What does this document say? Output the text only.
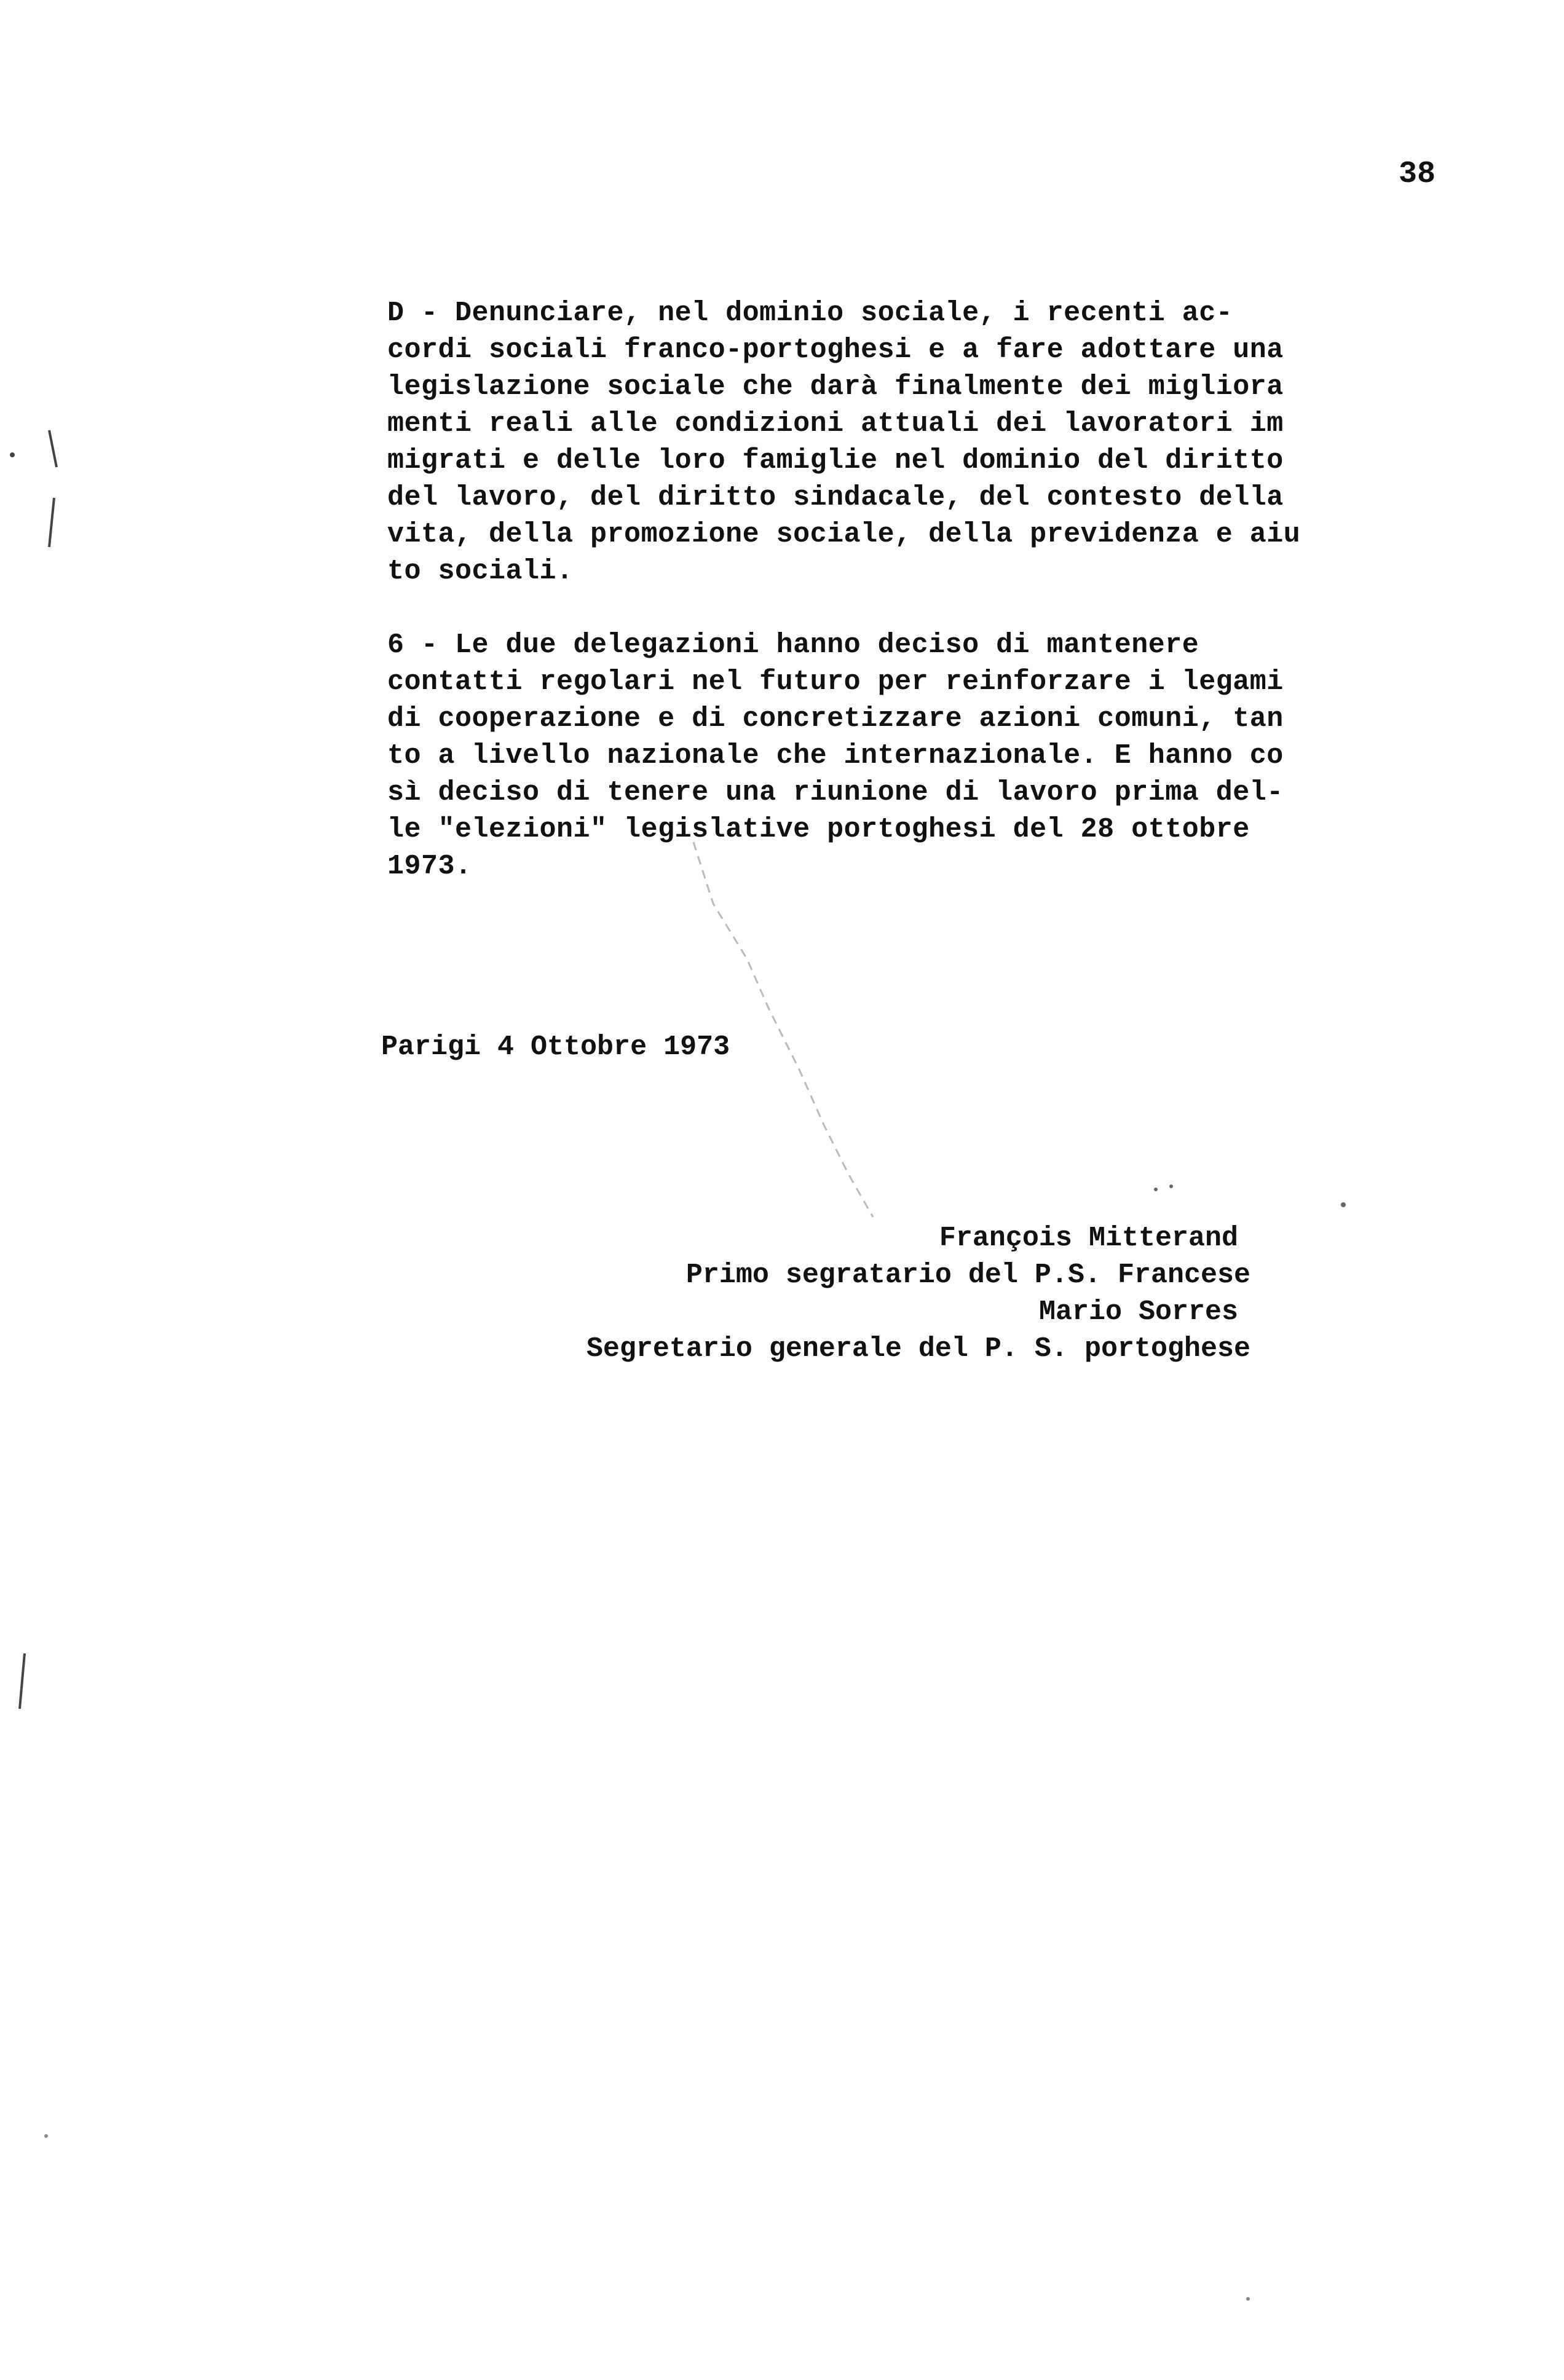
38
D - Denunciare, nel dominio sociale, i recenti ac-
cordi sociali franco-portoghesi e a fare adottare una
legislazione sociale che darà finalmente dei migliora
menti reali alle condizioni attuali dei lavoratori im
migrati e delle loro famiglie nel dominio del diritto
del lavoro, del diritto sindacale, del contesto della
vita, della promozione sociale, della previdenza e aiu
to sociali.
6 - Le due delegazioni hanno deciso di mantenere
contatti regolari nel futuro per reinforzare i legami
di cooperazione e di concretizzare azioni comuni, tan
to a livello nazionale che internazionale. E hanno co
sì deciso di tenere una riunione di lavoro prima del-
le "elezioni" legislative portoghesi del 28 ottobre
1973.
Parigi 4 Ottobre 1973
François Mitterand
Primo segratario del P.S. Francese
Mario Sorres
Segretario generale del P. S. portoghese
